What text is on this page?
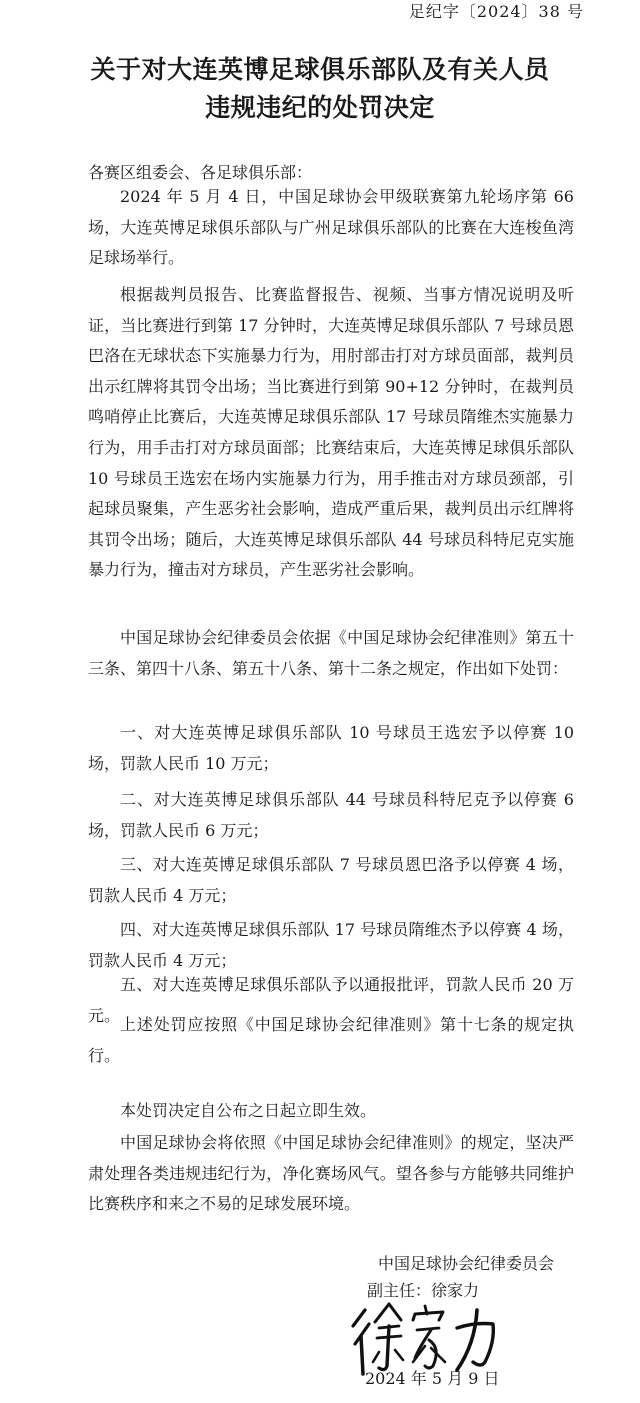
足纪字〔2024〕38 号
关于对大连英博足球俱乐部队及有关人员
违规违纪的处罚决定
各赛区组委会、各足球俱乐部：

2024 年 5 月 4 日，中国足球协会甲级联赛第九轮场序第 66 场，大连英博足球俱乐部队与广州足球俱乐部队的比赛在大连梭鱼湾足球场举行。

根据裁判员报告、比赛监督报告、视频、当事方情况说明及听证，当比赛进行到第 17 分钟时，大连英博足球俱乐部队 7 号球员恩巴洛在无球状态下实施暴力行为，用肘部击打对方球员面部，裁判员出示红牌将其罚令出场；当比赛进行到第 90+12 分钟时，在裁判员鸣哨停止比赛后，大连英博足球俱乐部队 17 号球员隋维杰实施暴力行为，用手击打对方球员面部；比赛结束后，大连英博足球俱乐部队 10 号球员王选宏在场内实施暴力行为，用手推击对方球员颈部，引起球员聚集，产生恶劣社会影响，造成严重后果，裁判员出示红牌将其罚令出场；随后，大连英博足球俱乐部队 44 号球员科特尼克实施暴力行为，撞击对方球员，产生恶劣社会影响。

中国足球协会纪律委员会依据《中国足球协会纪律准则》第五十三条、第四十八条、第五十八条、第十二条之规定，作出如下处罚：

一、对大连英博足球俱乐部队 10 号球员王选宏予以停赛 10 场，罚款人民币 10 万元；

二、对大连英博足球俱乐部队 44 号球员科特尼克予以停赛 6 场，罚款人民币 6 万元；

三、对大连英博足球俱乐部队 7 号球员恩巴洛予以停赛 4 场，罚款人民币 4 万元；

四、对大连英博足球俱乐部队 17 号球员隋维杰予以停赛 4 场，罚款人民币 4 万元；

五、对大连英博足球俱乐部队予以通报批评，罚款人民币 20 万元。 上述处罚应按照《中国足球协会纪律准则》第十七条的规定执行。

本处罚决定自公布之日起立即生效。

中国足球协会将依照《中国足球协会纪律准则》的规定，坚决严肃处理各类违规违纪行为，净化赛场风气。望各参与方能够共同维护比赛秩序和来之不易的足球发展环境。

中国足球协会纪律委员会
副主任：徐家力
2024 年 5 月 9 日
